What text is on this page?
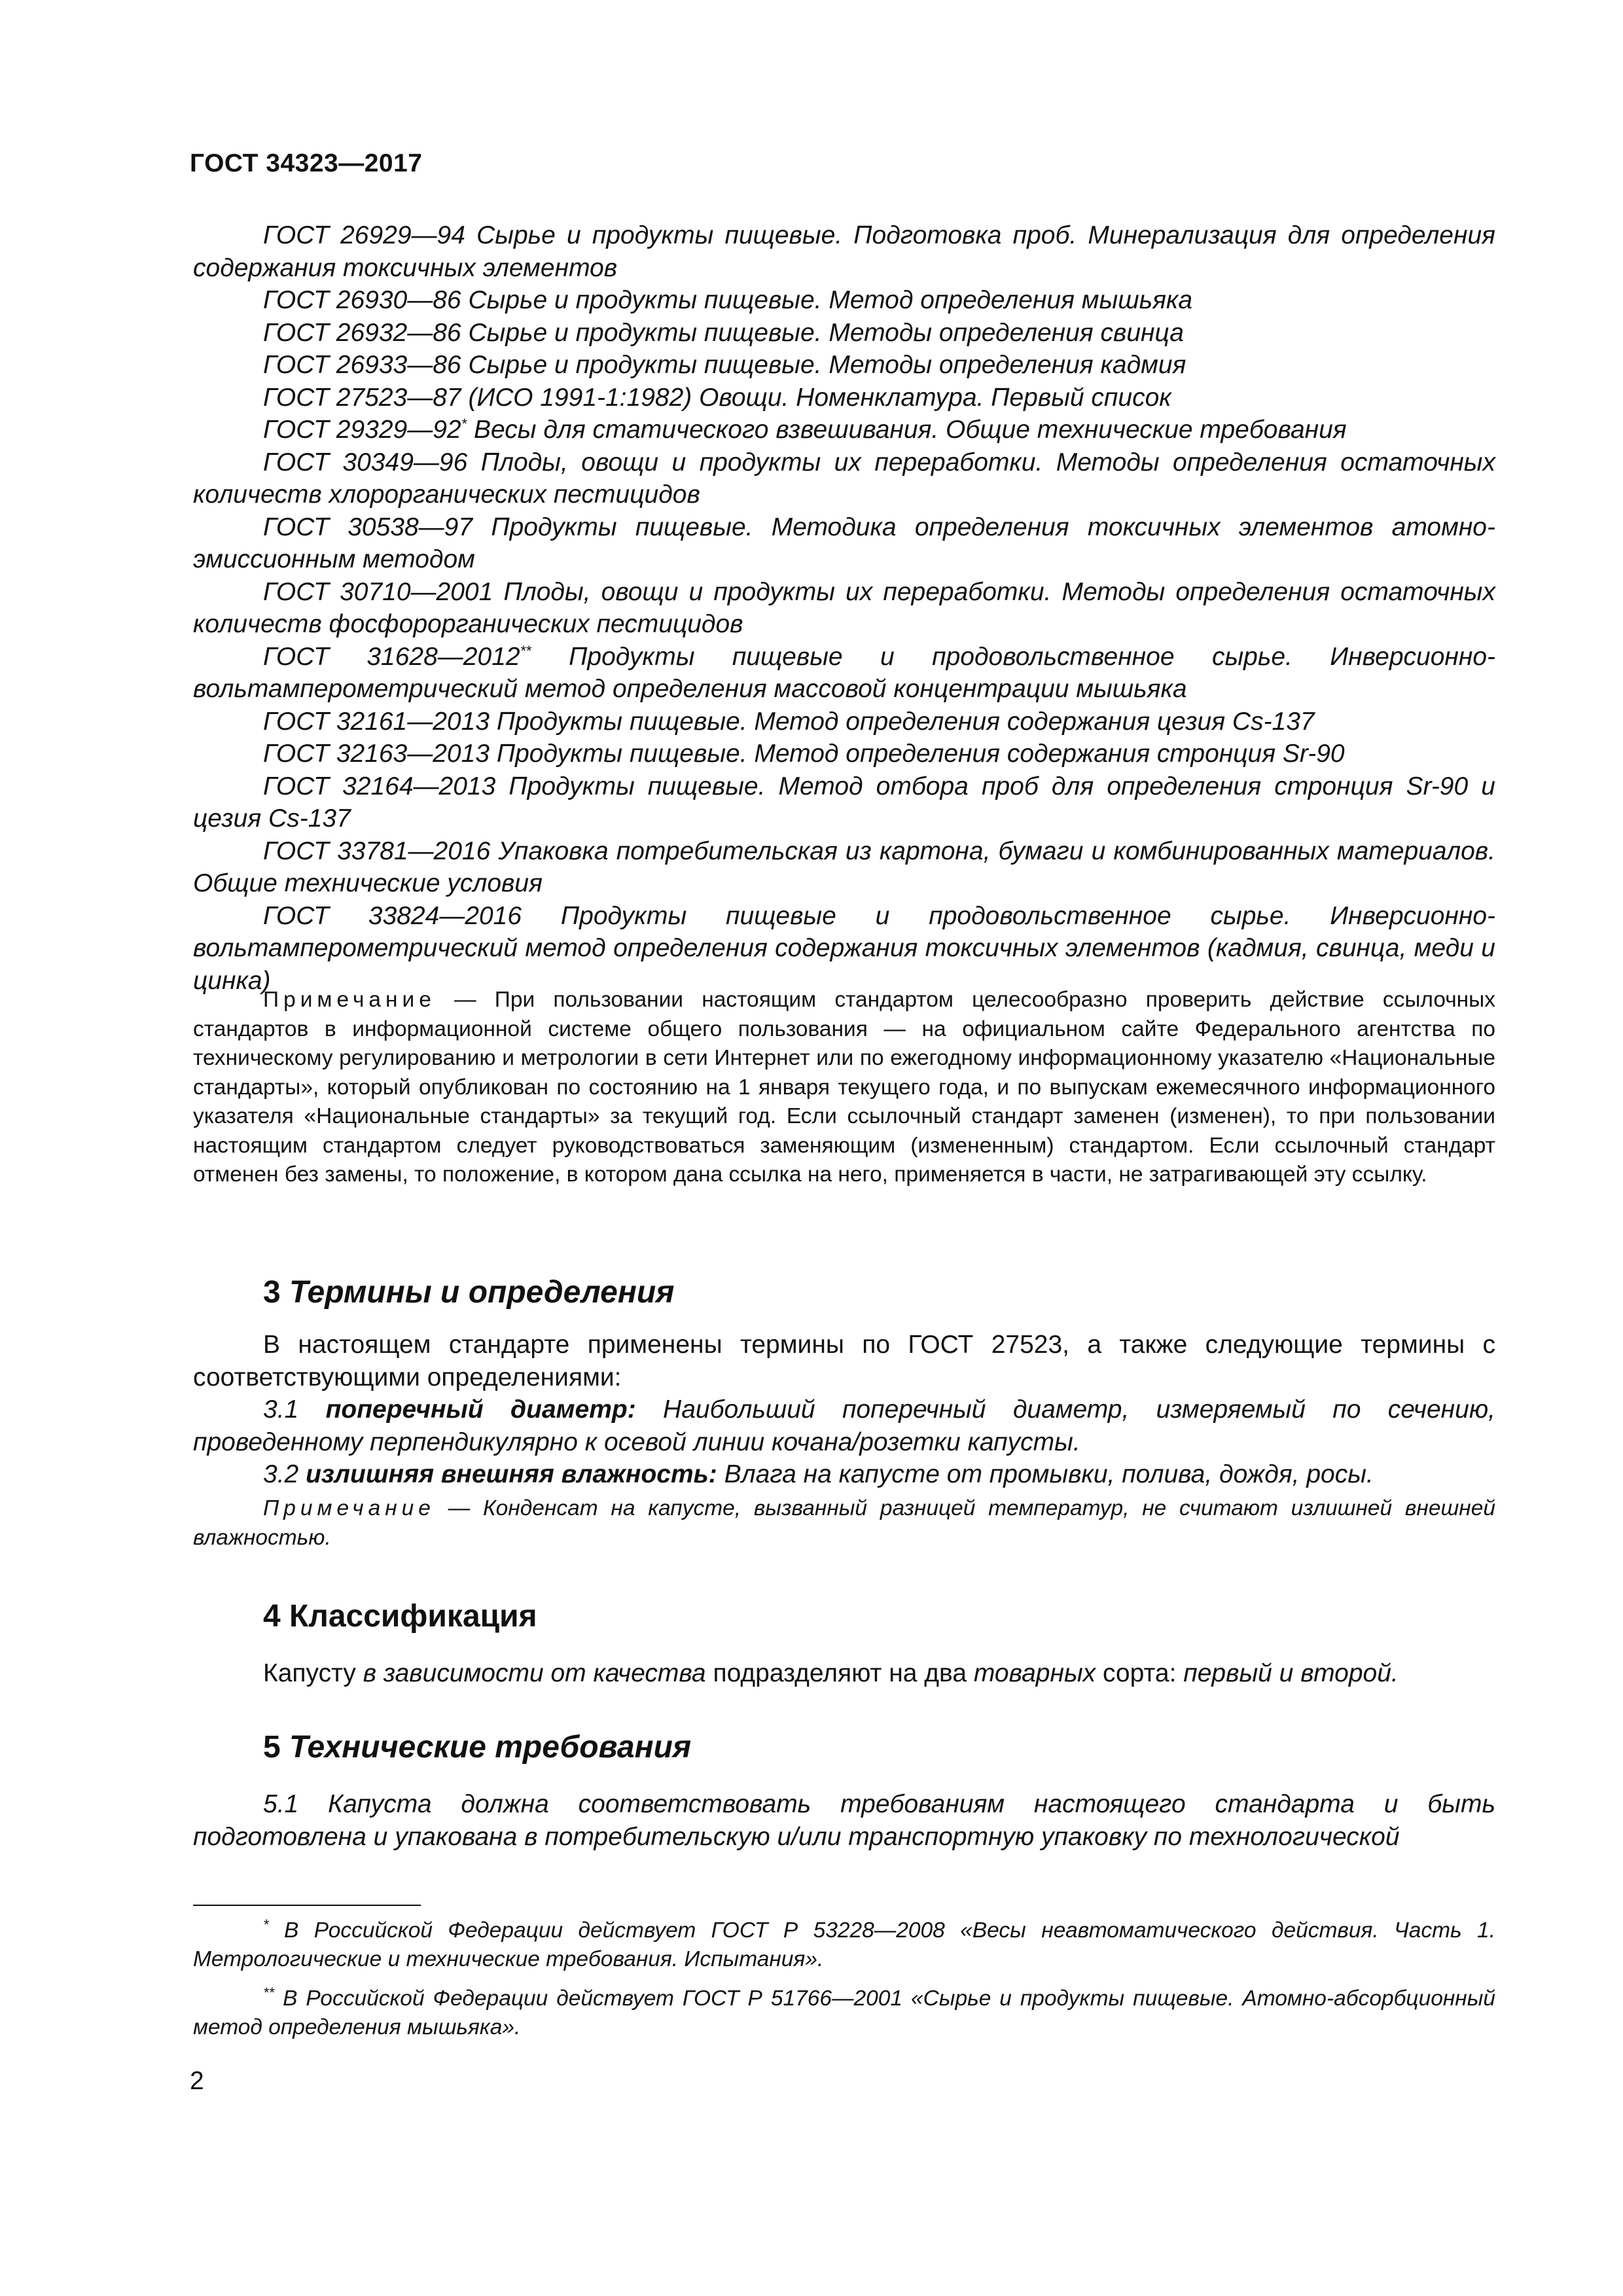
ГОСТ 34323—2017

ГОСТ 26929—94 Сырье и продукты пищевые. Подготовка проб. Минерализация для определения содержания токсичных элементов

ГОСТ 26930—86 Сырье и продукты пищевые. Метод определения мышьяка

ГОСТ 26932—86 Сырье и продукты пищевые. Методы определения свинца

ГОСТ 26933—86 Сырье и продукты пищевые. Методы определения кадмия

ГОСТ 27523—87 (ИСО 1991-1:1982) Овощи. Номенклатура. Первый список

ГОСТ 29329—92* Весы для статического взвешивания. Общие технические требования

ГОСТ 30349—96 Плоды, овощи и продукты их переработки. Методы определения остаточных количеств хлорорганических пестицидов

ГОСТ 30538—97 Продукты пищевые. Методика определения токсичных элементов атомно-эмиссионным методом

ГОСТ 30710—2001 Плоды, овощи и продукты их переработки. Методы определения остаточных количеств фосфорорганических пестицидов

ГОСТ 31628—2012** Продукты пищевые и продовольственное сырье. Инверсионно-вольтамперометрический метод определения массовой концентрации мышьяка

ГОСТ 32161—2013 Продукты пищевые. Метод определения содержания цезия Cs-137

ГОСТ 32163—2013 Продукты пищевые. Метод определения содержания стронция Sr-90

ГОСТ 32164—2013 Продукты пищевые. Метод отбора проб для определения стронция Sr-90 и цезия Cs-137

ГОСТ 33781—2016 Упаковка потребительская из картона, бумаги и комбинированных материалов. Общие технические условия

ГОСТ 33824—2016 Продукты пищевые и продовольственное сырье. Инверсионно-вольтамперометрический метод определения содержания токсичных элементов (кадмия, свинца, меди и цинка)

Примечание — При пользовании настоящим стандартом целесообразно проверить действие ссылочных стандартов в информационной системе общего пользования — на официальном сайте Федерального агентства по техническому регулированию и метрологии в сети Интернет или по ежегодному информационному указателю «Национальные стандарты», который опубликован по состоянию на 1 января текущего года, и по выпускам ежемесячного информационного указателя «Национальные стандарты» за текущий год. Если ссылочный стандарт заменен (изменен), то при пользовании настоящим стандартом следует руководствоваться заменяющим (измененным) стандартом. Если ссылочный стандарт отменен без замены, то положение, в котором дана ссылка на него, применяется в части, не затрагивающей эту ссылку.

3 Термины и определения

В настоящем стандарте применены термины по ГОСТ 27523, а также следующие термины с соответствующими определениями:

3.1 поперечный диаметр: Наибольший поперечный диаметр, измеряемый по сечению, проведенному перпендикулярно к осевой линии кочана/розетки капусты.

3.2 излишняя внешняя влажность: Влага на капусте от промывки, полива, дождя, росы.

Примечание — Конденсат на капусте, вызванный разницей температур, не считают излишней внешней влажностью.

4 Классификация

Капусту в зависимости от качества подразделяют на два товарных сорта: первый и второй.

5 Технические требования

5.1 Капуста должна соответствовать требованиям настоящего стандарта и быть подготовлена и упакована в потребительскую и/или транспортную упаковку по технологической

* В Российской Федерации действует ГОСТ Р 53228—2008 «Весы неавтоматического действия. Часть 1. Метрологические и технические требования. Испытания».

** В Российской Федерации действует ГОСТ Р 51766—2001 «Сырье и продукты пищевые. Атомно-абсорбционный метод определения мышьяка».

2
